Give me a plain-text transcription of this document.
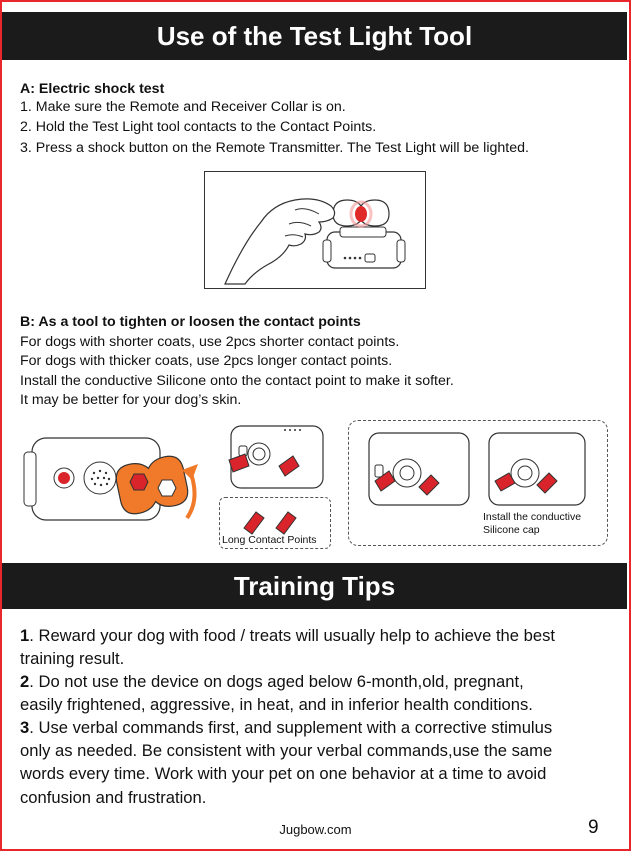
Use of the Test Light Tool
A: Electric shock test
1. Make sure the Remote and Receiver Collar is on.
2. Hold the Test Light tool contacts to the Contact Points.
3. Press a shock button on the Remote Transmitter. The Test Light will be lighted.
B: As a tool to tighten or loosen the contact points
For dogs with shorter coats, use 2pcs shorter contact points.
For dogs with thicker coats, use 2pcs longer contact points.
Install the conductive Silicone onto the contact point to make it softer.
It may be better for your dog’s skin.
Long Contact Points
Install the conductive
Silicone cap
Training Tips
1. Reward your dog with food / treats will usually help to achieve the best
training result.
2. Do not use the device on dogs aged below 6-month,old, pregnant,
easily frightened, aggressive, in heat, and in inferior health conditions.
3. Use verbal commands first, and supplement with a corrective stimulus
only as needed. Be consistent with your verbal commands,use the same
words every time. Work with your pet on one behavior at a time to avoid
confusion and frustration.
Jugbow.com	9
